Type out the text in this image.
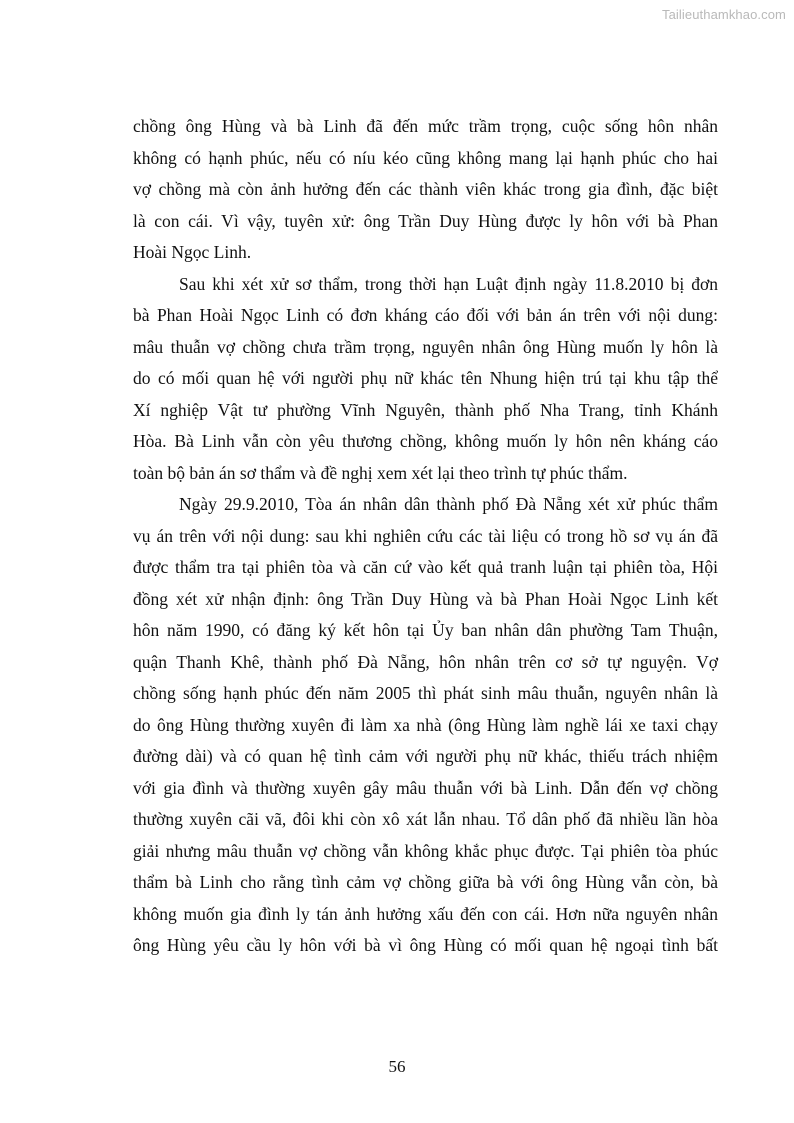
Tailieuthamkhao.com
chồng ông Hùng và bà Linh đã đến mức trầm trọng, cuộc sống hôn nhân
không có hạnh phúc, nếu có níu kéo cũng không mang lại hạnh phúc cho hai
vợ chồng mà còn ảnh hưởng đến các thành viên khác trong gia đình, đặc biệt
là con cái. Vì vậy, tuyên xử: ông Trần Duy Hùng được ly hôn với bà Phan
Hoài Ngọc Linh.
Sau khi xét xử sơ thẩm, trong thời hạn Luật định ngày 11.8.2010 bị đơn
bà Phan Hoài Ngọc Linh có đơn kháng cáo đối với bản án trên với nội dung:
mâu thuẫn vợ chồng chưa trầm trọng, nguyên nhân ông Hùng muốn ly hôn là
do có mối quan hệ với người phụ nữ khác tên Nhung hiện trú tại khu tập thể
Xí nghiệp Vật tư phường Vĩnh Nguyên, thành phố Nha Trang, tỉnh Khánh
Hòa. Bà Linh vẫn còn yêu thương chồng, không muốn ly hôn nên kháng cáo
toàn bộ bản án sơ thẩm và đề nghị xem xét lại theo trình tự phúc thẩm.
Ngày 29.9.2010, Tòa án nhân dân thành phố Đà Nẵng xét xử phúc thẩm
vụ án trên với nội dung: sau khi nghiên cứu các tài liệu có trong hồ sơ vụ án đã
được thẩm tra tại phiên tòa và căn cứ vào kết quả tranh luận tại phiên tòa, Hội
đồng xét xử nhận định: ông Trần Duy Hùng và bà Phan Hoài Ngọc Linh kết
hôn năm 1990, có đăng ký kết hôn tại Ủy ban nhân dân phường Tam Thuận,
quận Thanh Khê, thành phố Đà Nẵng, hôn nhân trên cơ sở tự nguyện. Vợ
chồng sống hạnh phúc đến năm 2005 thì phát sinh mâu thuẫn, nguyên nhân là
do ông Hùng thường xuyên đi làm xa nhà (ông Hùng làm nghề lái xe taxi chạy
đường dài) và có quan hệ tình cảm với người phụ nữ khác, thiếu trách nhiệm
với gia đình và thường xuyên gây mâu thuẫn với bà Linh. Dẫn đến vợ chồng
thường xuyên cãi vã, đôi khi còn xô xát lẫn nhau. Tổ dân phố đã nhiều lần hòa
giải nhưng mâu thuẫn vợ chồng vẫn không khắc phục được. Tại phiên tòa phúc
thẩm bà Linh cho rằng tình cảm vợ chồng giữa bà với ông Hùng vẫn còn, bà
không muốn gia đình ly tán ảnh hưởng xấu đến con cái. Hơn nữa nguyên nhân
ông Hùng yêu cầu ly hôn với bà vì ông Hùng có mối quan hệ ngoại tình bất
56
